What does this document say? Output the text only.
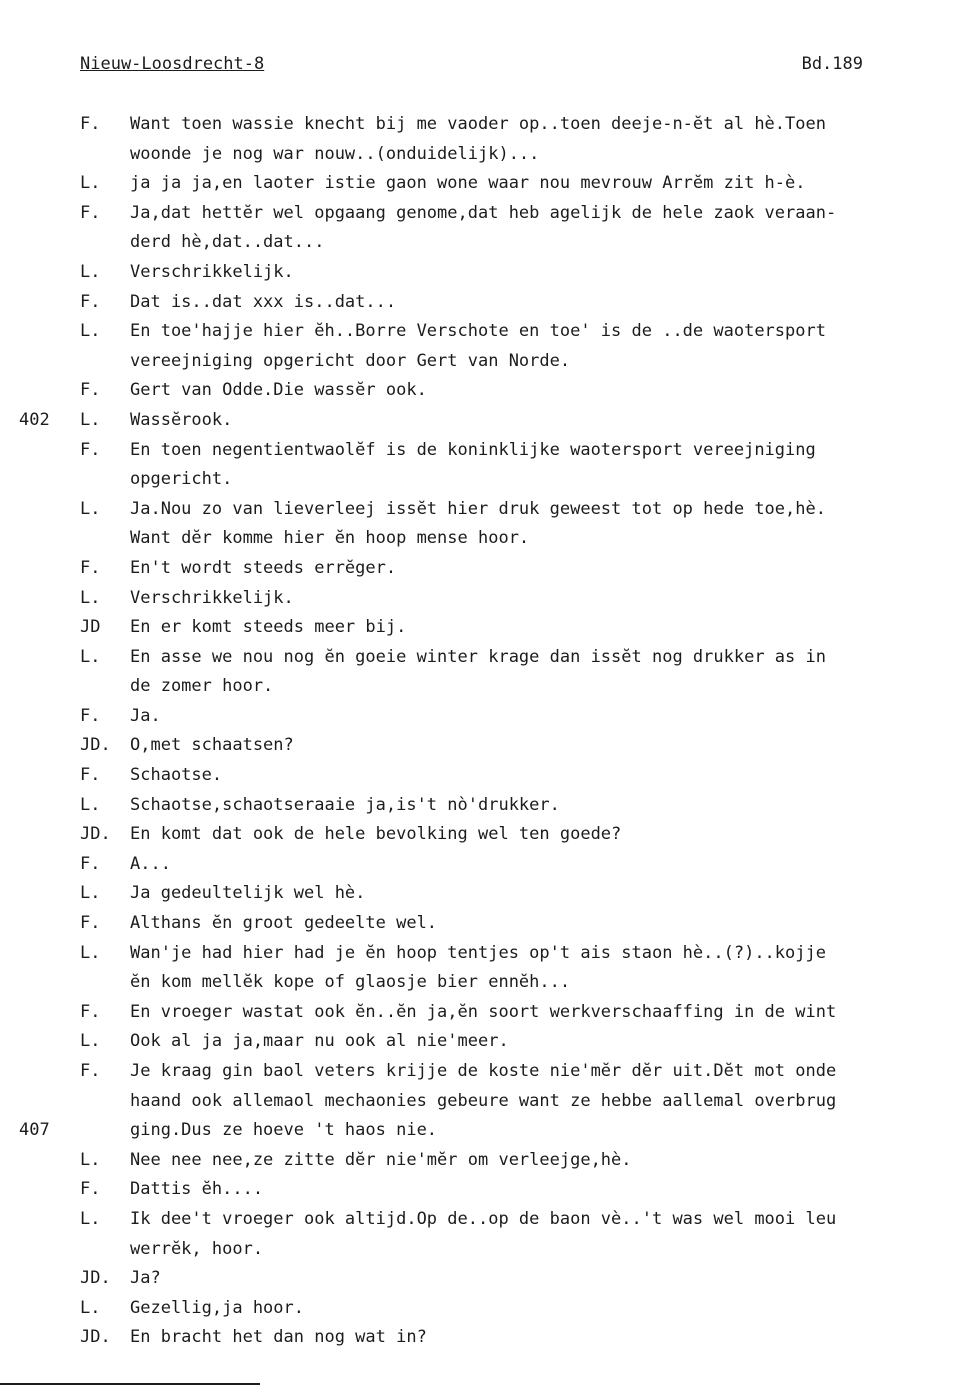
Nieuw-Loosdrecht-8	Bd.189
F.	Want toen wassie knecht bij me vaoder op..toen deeje-n-ĕt al hè.Toen
woonde je nog war nouw..(onduidelijk)...
L.	ja ja ja,en laoter istie gaon wone waar nou mevrouw Arrĕm zit h-è.
F.	Ja,dat hettĕr wel opgaang genome,dat heb agelijk de hele zaok veraan-
derd hè,dat..dat...
L.	Verschrikkelijk.
F.	Dat is..dat xxx is..dat...
L.	En toe'hajje hier ĕh..Borre Verschote en toe' is de ..de waotersport
vereejniging opgericht door Gert van Norde.
F.	Gert van Odde.Die wassĕr ook.
402	L.	Wassĕrook.
F.	En toen negentientwaolĕf is de koninklijke waotersport vereejniging
opgericht.
L.	Ja.Nou zo van lieverleej issĕt hier druk geweest tot op hede toe,hè.
Want dĕr komme hier ĕn hoop mense hoor.
F.	En't wordt steeds errĕger.
L.	Verschrikkelijk.
JD	En er komt steeds meer bij.
L.	En asse we nou nog ĕn goeie winter krage dan issĕt nog drukker as in
de zomer hoor.
F.	Ja.
JD.	O,met schaatsen?
F.	Schaotse.
L.	Schaotse,schaotseraaie ja,is't nò'drukker.
JD.	En komt dat ook de hele bevolking wel ten goede?
F.	A...
L.	Ja gedeultelijk wel hè.
F.	Althans ĕn groot gedeelte wel.
L.	Wan'je had hier had je ĕn hoop tentjes op't ais staon hè..(?)..kojje
ĕn kom mellĕk kope of glaosje bier ennĕh...
F.	En vroeger wastat ook ĕn..ĕn ja,ĕn soort werkverschaaffing in de wint
L.	Ook al ja ja,maar nu ook al nie'meer.
F.	Je kraag gin baol veters krijje de koste nie'mĕr dĕr uit.Dĕt mot onde
haand ook allemaol mechaonies gebeure want ze hebbe aallemal overbrug
407	ging.Dus ze hoeve 't haos nie.
L.	Nee nee nee,ze zitte dĕr nie'mĕr om verleejge,hè.
F.	Dattis ĕh....
L.	Ik dee't vroeger ook altijd.Op de..op de baon vè..'t was wel mooi leu
werrĕk, hoor.
JD.	Ja?
L.	Gezellig,ja hoor.
JD.	En bracht het dan nog wat in?
